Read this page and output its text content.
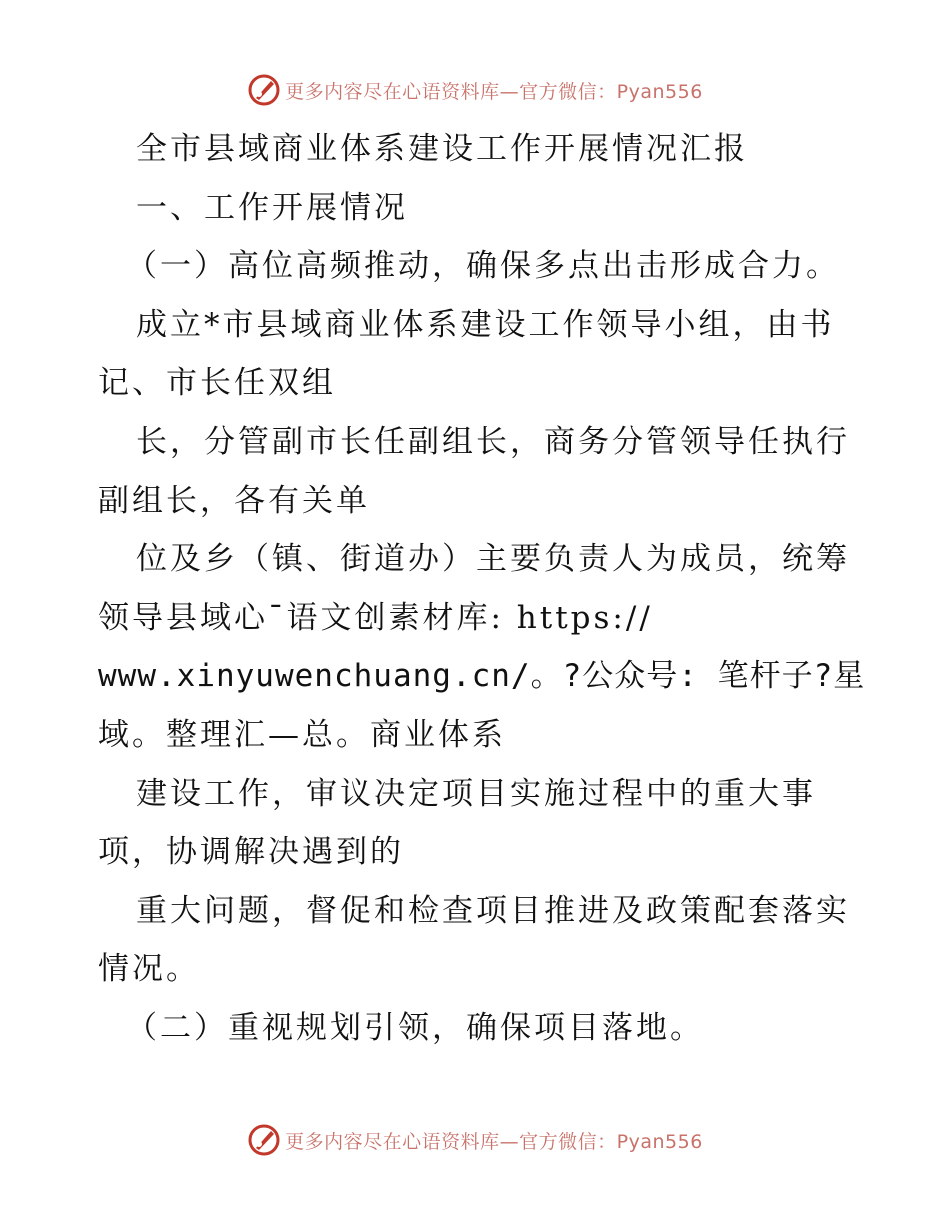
更多内容尽在心语资料库—官方微信：Pyan556
全市县域商业体系建设工作开展情况汇报
一、工作开展情况
（一）高位高频推动，确保多点出击形成合力。
成立*市县域商业体系建设工作领导小组，由书
记、市长任双组
长，分管副市长任副组长，商务分管领导任执行
副组长，各有关单
位及乡（镇、街道办）主要负责人为成员，统筹
领导县域心¯语文创素材库: https://
www.xinyuwenchuang.cn/。?公众号: 笔杆子?星
域。整理汇—总。商业体系
建设工作，审议决定项目实施过程中的重大事
项，协调解决遇到的
重大问题，督促和检查项目推进及政策配套落实
情况。
（二）重视规划引领，确保项目落地。
更多内容尽在心语资料库—官方微信：Pyan556
